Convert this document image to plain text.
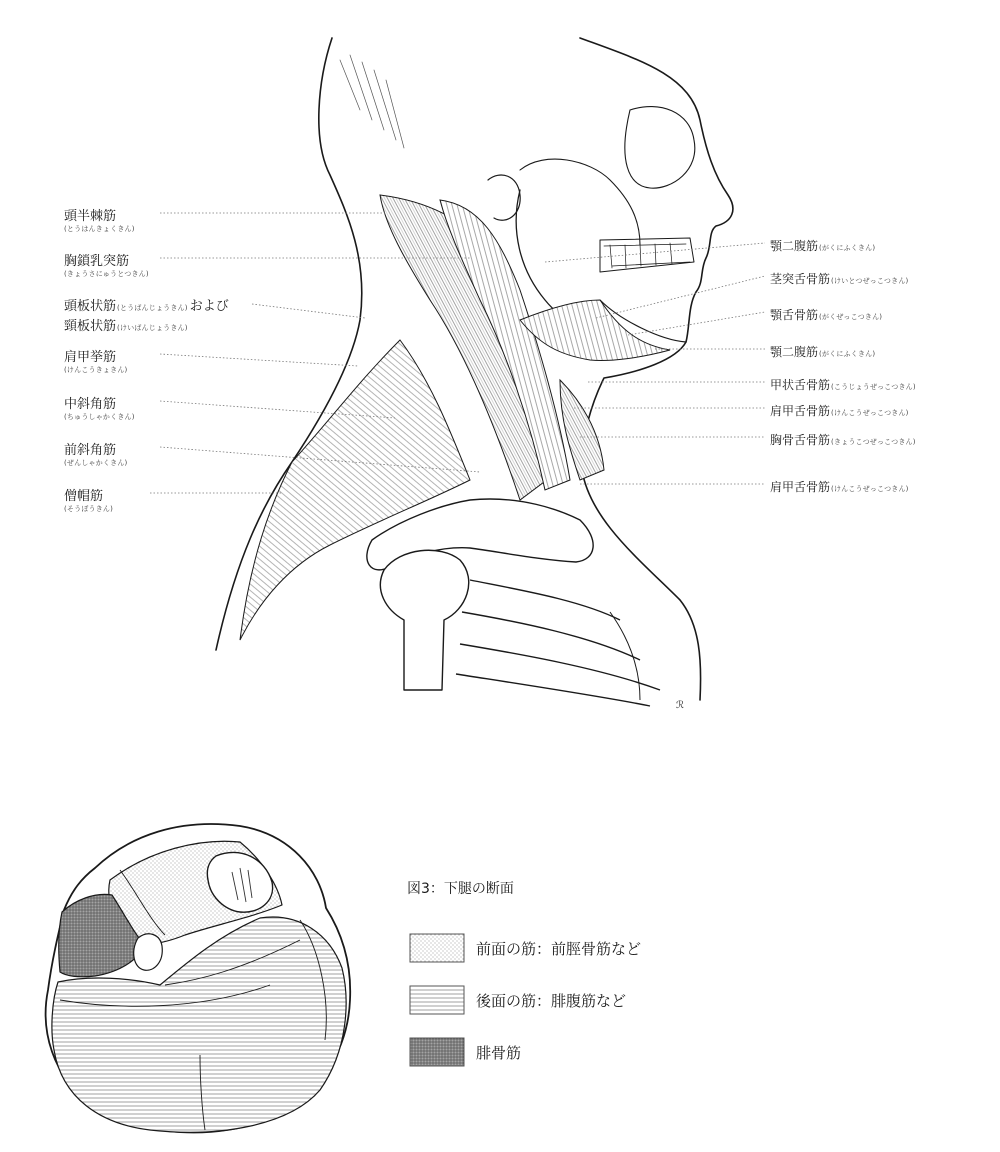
ℛ
頭半棘筋
(とうはんきょくきん)
胸鎖乳突筋
(きょうさにゅうとつきん)
頭板状筋(とうばんじょうきん) および
頸板状筋(けいばんじょうきん)
肩甲挙筋
(けんこうきょきん)
中斜角筋
(ちゅうしゃかくきん)
前斜角筋
(ぜんしゃかくきん)
僧帽筋
(そうぼうきん)
顎二腹筋(がくにふくきん)
茎突舌骨筋(けいとつぜっこつきん)
顎舌骨筋(がくぜっこつきん)
顎二腹筋(がくにふくきん)
甲状舌骨筋(こうじょうぜっこつきん)
肩甲舌骨筋(けんこうぜっこつきん)
胸骨舌骨筋(きょうこつぜっこつきん)
肩甲舌骨筋(けんこうぜっこつきん)
図3：下腿の断面
前面の筋：前脛骨筋など
後面の筋：腓腹筋など
腓骨筋
